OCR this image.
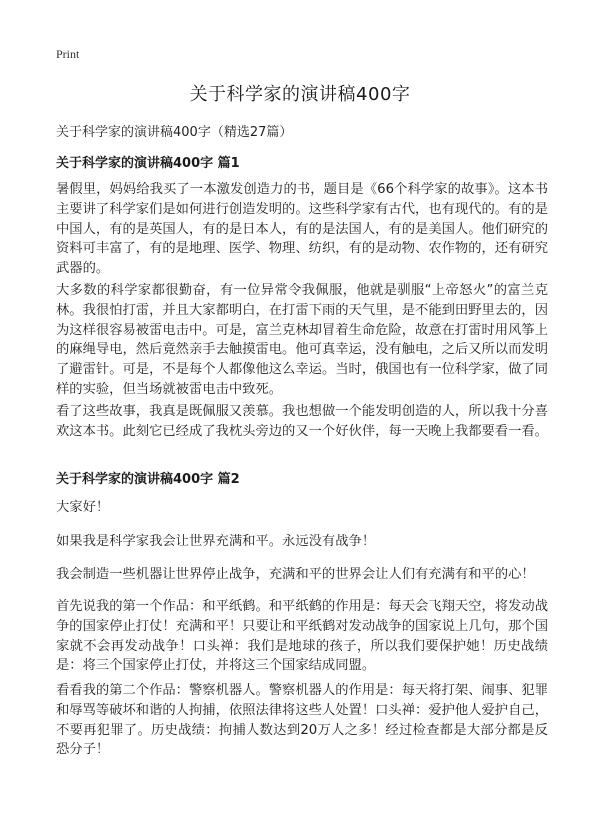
Print
关于科学家的演讲稿400字
关于科学家的演讲稿400字（精选27篇）
关于科学家的演讲稿400字 篇1

暑假里，妈妈给我买了一本激发创造力的书，题目是《66个科学家的故事》。这本书主要讲了科学家们是如何进行创造发明的。这些科学家有古代，也有现代的。有的是中国人，有的是英国人，有的是日本人，有的是法国人，有的是美国人。他们研究的资料可丰富了，有的是地理、医学、物理、纺织，有的是动物、农作物的，还有研究武器的。

大多数的科学家都很勤奋，有一位异常令我佩服，他就是驯服“上帝怒火”的富兰克林。我很怕打雷，并且大家都明白，在打雷下雨的天气里，是不能到田野里去的，因为这样很容易被雷电击中。可是，富兰克林却冒着生命危险，故意在打雷时用风筝上的麻绳导电，然后竟然亲手去触摸雷电。他可真幸运，没有触电，之后又所以而发明了避雷针。可是，不是每个人都像他这么幸运。当时，俄国也有一位科学家，做了同样的实验，但当场就被雷电击中致死。

看了这些故事，我真是既佩服又羡慕。我也想做一个能发明创造的人，所以我十分喜欢这本书。此刻它已经成了我枕头旁边的又一个好伙伴，每一天晚上我都要看一看。

关于科学家的演讲稿400字 篇2

大家好！

如果我是科学家我会让世界充满和平。永远没有战争！

我会制造一些机器让世界停止战争，充满和平的世界会让人们有充满有和平的心！

首先说我的第一个作品：和平纸鹤。和平纸鹤的作用是：每天会飞翔天空，将发动战争的国家停止打仗！充满和平！只要让和平纸鹤对发动战争的国家说上几句，那个国家就不会再发动战争！口头禅：我们是地球的孩子，所以我们要保护她！历史战绩是：将三个国家停止打仗，并将这三个国家结成同盟。

看看我的第二个作品：警察机器人。警察机器人的作用是：每天将打架、闹事、犯罪和辱骂等破坏和谐的人拘捕，依照法律将这些人处置！口头禅：爱护他人爱护自己，不要再犯罪了。历史战绩：拘捕人数达到20万人之多！经过检查都是大部分都是反恐分子！
